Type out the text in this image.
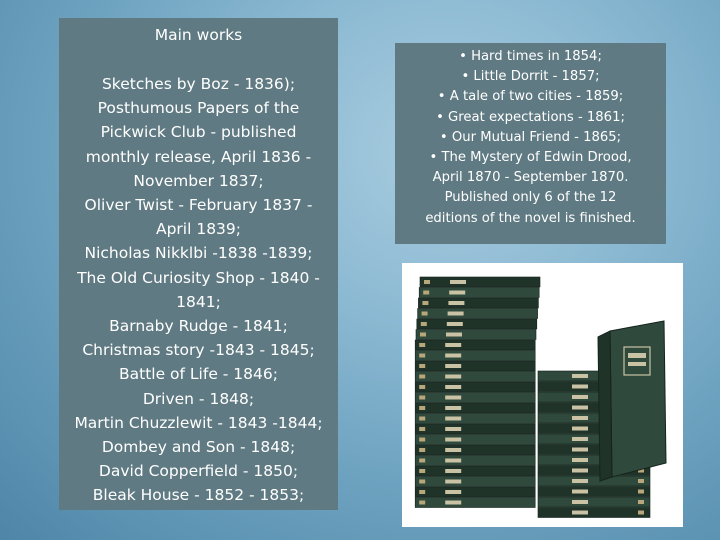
Main works
Sketches by Boz - 1836);
Posthumous Papers of the
Pickwick Club - published
monthly release, April 1836 -
November 1837;
Oliver Twist - February 1837 -
April 1839;
Nicholas Nikklbi -1838 -1839;
The Old Curiosity Shop - 1840 -
1841;
Barnaby Rudge - 1841;
Christmas story -1843 - 1845;
Battle of Life - 1846;
Driven - 1848;
Martin Chuzzlewit - 1843 -1844;
Dombey and Son - 1848;
David Copperfield - 1850;
Bleak House - 1852 - 1853;
• Hard times in 1854;
• Little Dorrit - 1857;
• A tale of two cities - 1859;
• Great expectations - 1861;
• Our Mutual Friend - 1865;
• The Mystery of Edwin Drood,
April 1870 - September 1870.
Published only 6 of the 12
editions of the novel is finished.
